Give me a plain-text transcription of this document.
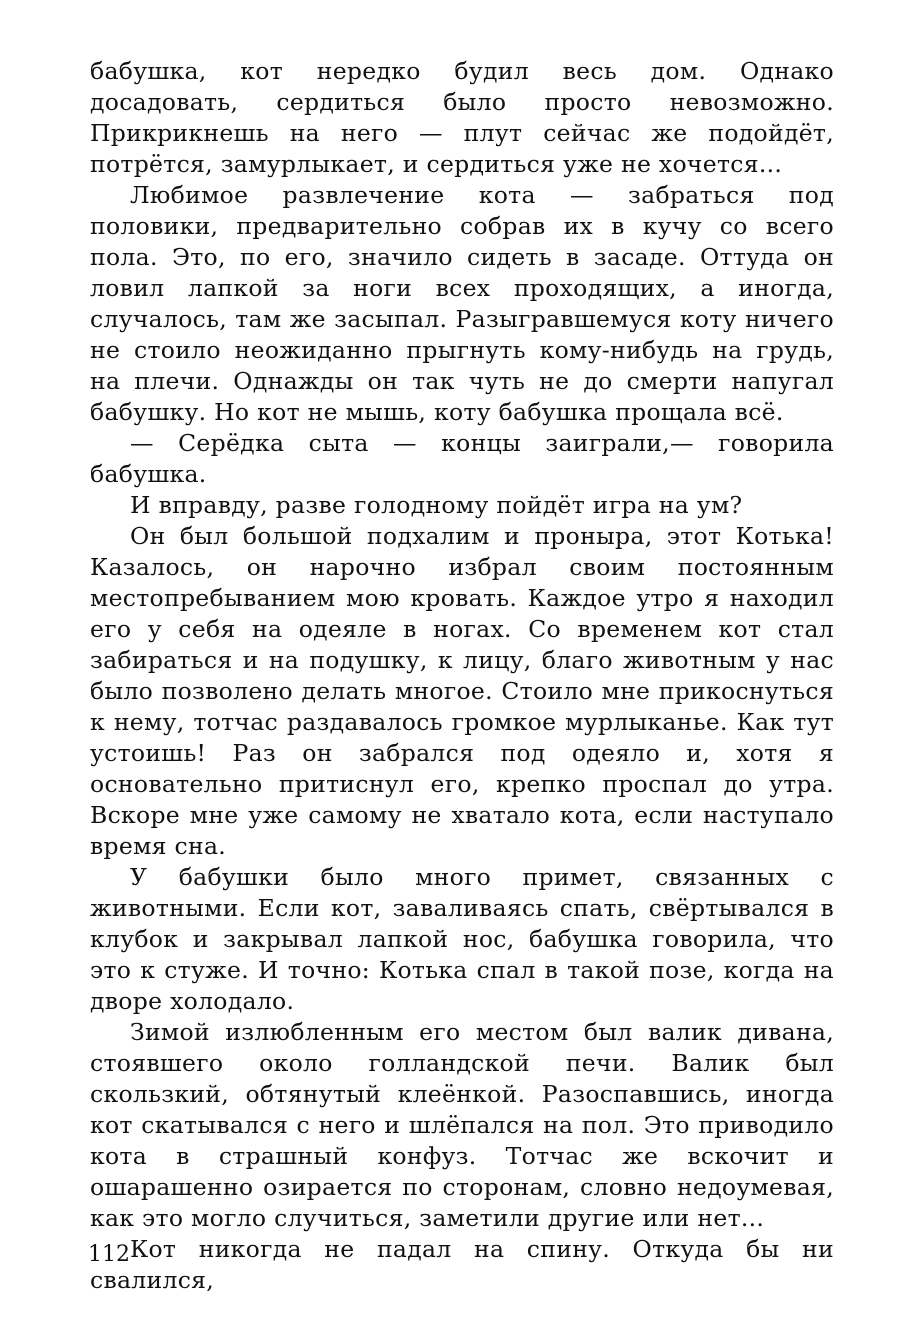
бабушка, кот нередко будил весь дом. Однако досадовать, сердиться было просто невозможно. Прикрикнешь на него — плут сейчас же подойдёт, потрётся, замурлыкает, и сердиться уже не хочется...

Любимое развлечение кота — забраться под половики, предварительно собрав их в кучу со всего пола. Это, по его, значило сидеть в засаде. Оттуда он ловил лапкой за ноги всех проходящих, а иногда, случалось, там же засыпал. Разыгравшемуся коту ничего не стоило неожиданно прыгнуть кому-нибудь на грудь, на плечи. Однажды он так чуть не до смерти напугал бабушку. Но кот не мышь, коту бабушка прощала всё.

— Серёдка сыта — концы заиграли,— говорила бабушка.

И вправду, разве голодному пойдёт игра на ум?

Он был большой подхалим и проныра, этот Котька! Казалось, он нарочно избрал своим постоянным местопребыванием мою кровать. Каждое утро я находил его у себя на одеяле в ногах. Со временем кот стал забираться и на подушку, к лицу, благо животным у нас было позволено делать многое. Стоило мне прикоснуться к нему, тотчас раздавалось громкое мурлыканье. Как тут устоишь! Раз он забрался под одеяло и, хотя я основательно притиснул его, крепко проспал до утра. Вскоре мне уже самому не хватало кота, если наступало время сна.

У бабушки было много примет, связанных с животными. Если кот, заваливаясь спать, свёртывался в клубок и закрывал лапкой нос, бабушка говорила, что это к стуже. И точно: Котька спал в такой позе, когда на дворе холодало.

Зимой излюбленным его местом был валик дивана, стоявшего около голландской печи. Валик был скользкий, обтянутый клеёнкой. Разоспавшись, иногда кот скатывался с него и шлёпался на пол. Это приводило кота в страшный конфуз. Тотчас же вскочит и ошарашенно озирается по сторонам, словно недоумевая, как это могло случиться, заметили другие или нет...

Кот никогда не падал на спину. Откуда бы ни свалился,

112
